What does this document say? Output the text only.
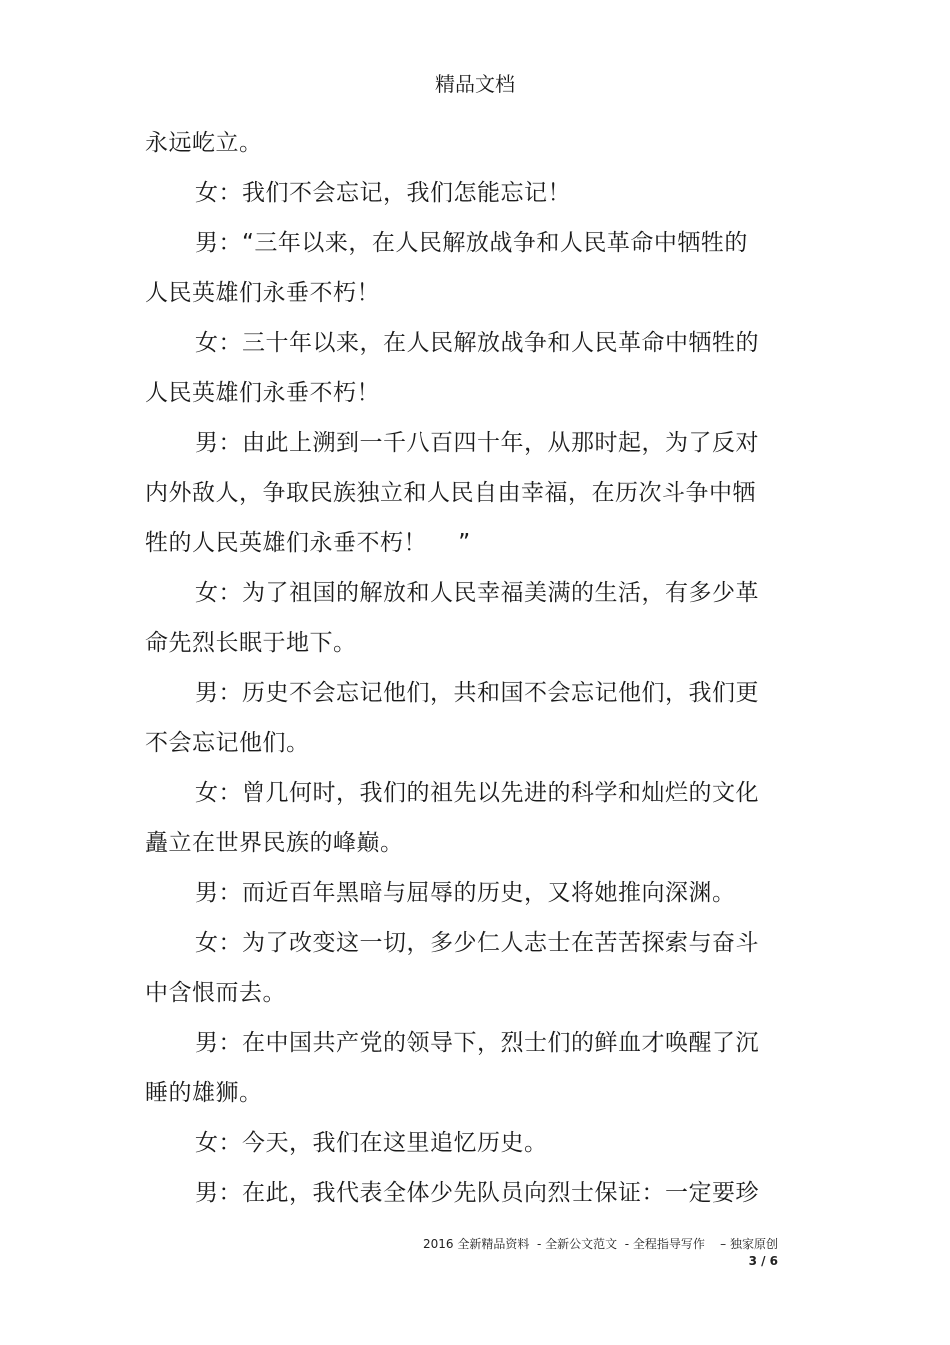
精品文档
永远屹立。
女：我们不会忘记，我们怎能忘记！
男：“三年以来，在人民解放战争和人民革命中牺牲的
人民英雄们永垂不朽！
女：三十年以来，在人民解放战争和人民革命中牺牲的
人民英雄们永垂不朽！
男：由此上溯到一千八百四十年，从那时起，为了反对
内外敌人，争取民族独立和人民自由幸福，在历次斗争中牺
牲的人民英雄们永垂不朽！　 ”
女：为了祖国的解放和人民幸福美满的生活，有多少革
命先烈长眠于地下。
男：历史不会忘记他们，共和国不会忘记他们，我们更
不会忘记他们。
女：曾几何时，我们的祖先以先进的科学和灿烂的文化
矗立在世界民族的峰巅。
男：而近百年黑暗与屈辱的历史，又将她推向深渊。
女：为了改变这一切，多少仁人志士在苦苦探索与奋斗
中含恨而去。
男：在中国共产党的领导下，烈士们的鲜血才唤醒了沉
睡的雄狮。
女：今天，我们在这里追忆历史。
男：在此，我代表全体少先队员向烈士保证：一定要珍
2016 全新精品资料  - 全新公文范文  - 全程指导写作    – 独家原创
3 / 6
